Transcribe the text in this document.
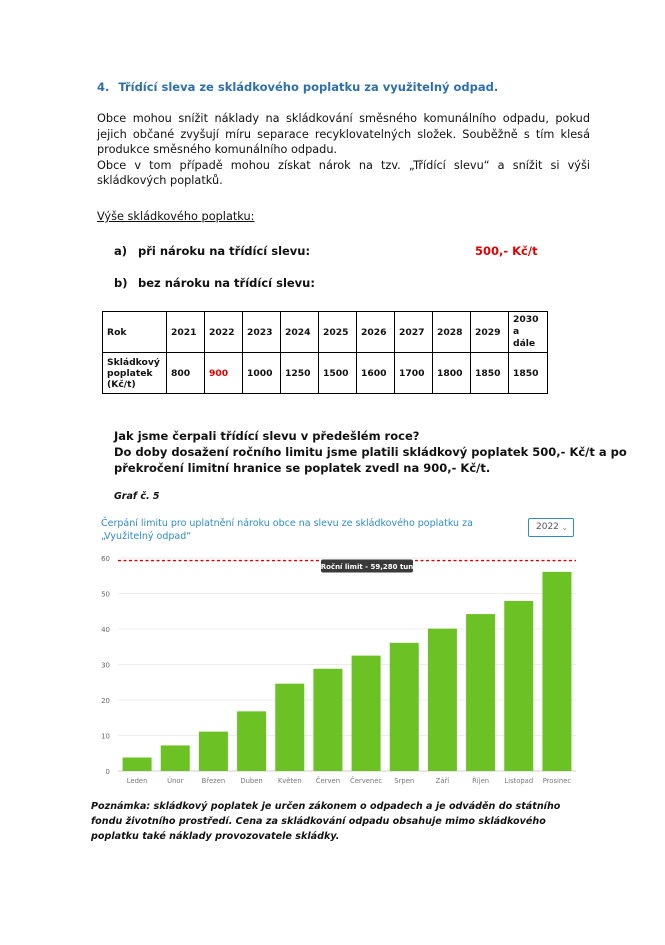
4. Třídící sleva ze skládkového poplatku za využitelný odpad.

Obce mohou snížit náklady na skládkování směsného komunálního odpadu, pokud jejich občané zvyšují míru separace recyklovatelných složek. Souběžně s tím klesá produkce směsného komunálního odpadu.

Obce v tom případě mohou získat nárok na tzv. „Třídící slevu“ a snížit si výši skládkových poplatků.

Výše skládkového poplatku:
a) při nároku na třídící slevu:	500,- Kč/t
b) bez nároku na třídící slevu:
Rok	2021	2022	2023	2024	2025	2026	2027	2028	2029	2030 a dále
Skládkový poplatek (Kč/t)	800	900	1000	1250	1500	1600	1700	1800	1850	1850

Jak jsme čerpali třídící slevu v předešlém roce?

Do doby dosažení ročního limitu jsme platili skládkový poplatek 500,- Kč/t a po překročení limitní hranice se poplatek zvedl na 900,- Kč/t.

Graf č. 5
Čerpání limitu pro uplatnění nároku obce na slevu ze skládkového poplatku za „Využitelný odpad“
2022 ⌄
0
10
20
30
40
50
60
Leden	Únor	Březen Duben Květen Červen Červenec Srpen	Září	Říjen Listopad Prosinec
Roční limit - 59,280 tun
Poznámka: skládkový poplatek je určen zákonem o odpadech a je odváděn do státního fondu životního prostředí. Cena za skládkování odpadu obsahuje mimo skládkového poplatku také náklady provozovatele skládky.
